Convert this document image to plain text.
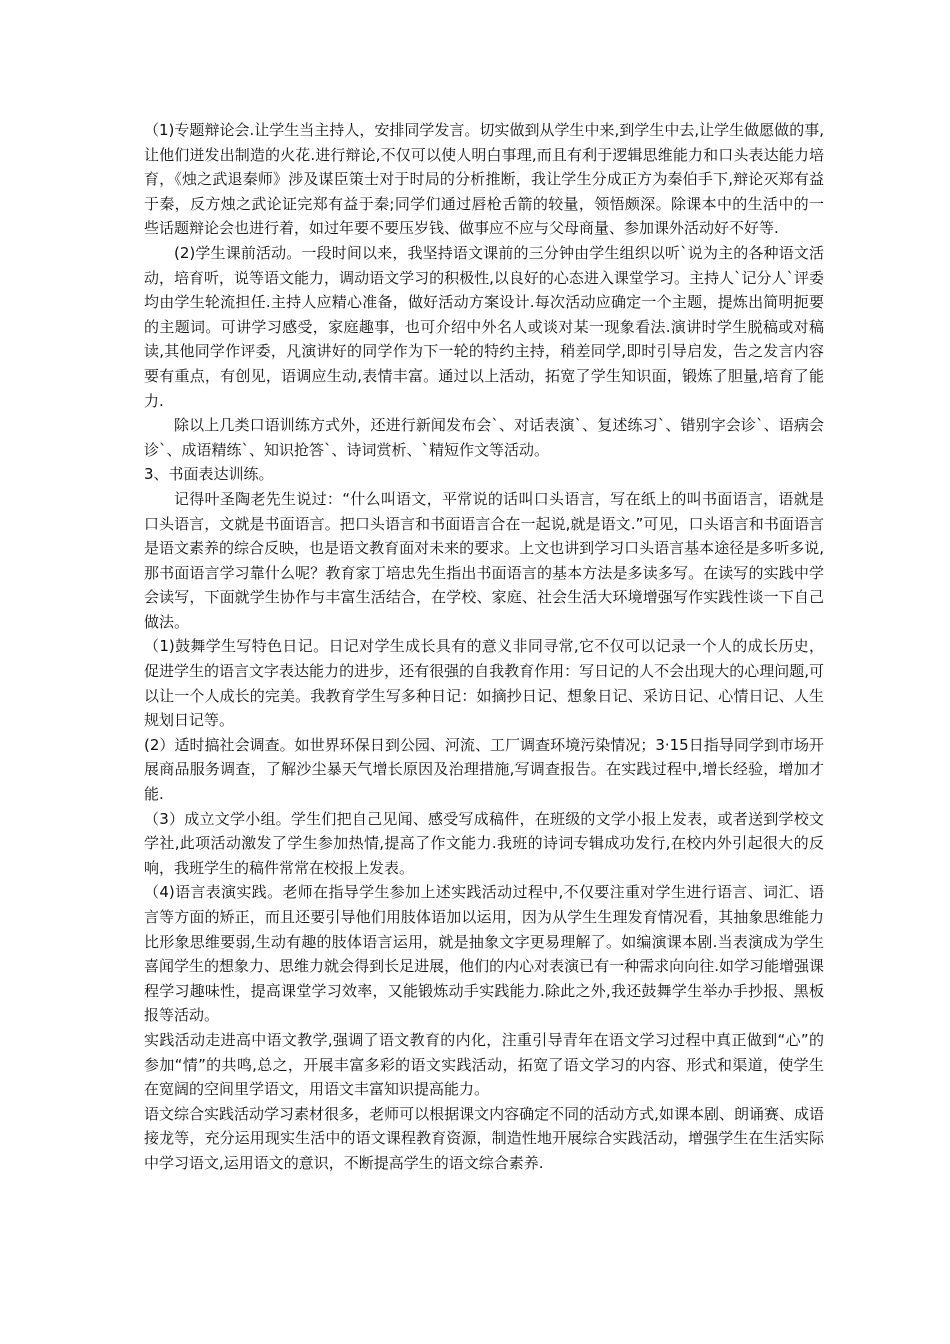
（1)专题辩论会.让学生当主持人，安排同学发言。切实做到从学生中来,到学生中去,让学生做愿做的事,让他们迸发出制造的火花.进行辩论,不仅可以使人明白事理,而且有利于逻辑思维能力和口头表达能力培育，《烛之武退秦师》涉及谋臣策士对于时局的分析推断，我让学生分成正方为秦伯手下,辩论灭郑有益于秦，反方烛之武论证完郑有益于秦;同学们通过唇枪舌箭的较量，领悟颇深。除课本中的生活中的一些话题辩论会也进行着，如过年要不要压岁钱、做事应不应与父母商量、参加课外活动好不好等.

(2)学生课前活动。一段时间以来，我坚持语文课前的三分钟由学生组织以听`说为主的各种语文活动，培育听，说等语文能力，调动语文学习的积极性,以良好的心态进入课堂学习。主持人`记分人`评委均由学生轮流担任.主持人应精心准备，做好活动方案设计.每次活动应确定一个主题，提炼出简明扼要的主题词。可讲学习感受，家庭趣事，也可介绍中外名人或谈对某一现象看法.演讲时学生脱稿或对稿读,其他同学作评委，凡演讲好的同学作为下一轮的特约主持，稍差同学,即时引导启发，告之发言内容要有重点，有创见，语调应生动,表情丰富。通过以上活动，拓宽了学生知识面，锻炼了胆量,培育了能力.

除以上几类口语训练方式外，还进行新闻发布会`、对话表演`、复述练习`、错别字会诊`、语病会诊`、成语精练`、知识抢答`、诗词赏析、`精短作文等活动。

3、书面表达训练。

记得叶圣陶老先生说过：“什么叫语文，平常说的话叫口头语言，写在纸上的叫书面语言，语就是口头语言，文就是书面语言。把口头语言和书面语言合在一起说,就是语文.”可见，口头语言和书面语言是语文素养的综合反映，也是语文教育面对未来的要求。上文也讲到学习口头语言基本途径是多听多说,那书面语言学习靠什么呢？教育家丁培忠先生指出书面语言的基本方法是多读多写。在读写的实践中学会读写，下面就学生协作与丰富生活结合，在学校、家庭、社会生活大环境增强写作实践性谈一下自己做法。

（1)鼓舞学生写特色日记。日记对学生成长具有的意义非同寻常,它不仅可以记录一个人的成长历史，促进学生的语言文字表达能力的进步，还有很强的自我教育作用：写日记的人不会出现大的心理问题,可以让一个人成长的完美。我教育学生写多种日记：如摘抄日记、想象日记、采访日记、心情日记、人生规划日记等。

(2）适时搞社会调查。如世界环保日到公园、河流、工厂调查环境污染情况；3·15日指导同学到市场开展商品服务调查，了解沙尘暴天气增长原因及治理措施,写调查报告。在实践过程中,增长经验，增加才能.

（3）成立文学小组。学生们把自己见闻、感受写成稿件，在班级的文学小报上发表，或者送到学校文学社,此项活动激发了学生参加热情,提高了作文能力.我班的诗词专辑成功发行,在校内外引起很大的反响，我班学生的稿件常常在校报上发表。

（4)语言表演实践。老师在指导学生参加上述实践活动过程中,不仅要注重对学生进行语言、词汇、语言等方面的矫正，而且还要引导他们用肢体语加以运用，因为从学生生理发育情况看，其抽象思维能力比形象思维要弱,生动有趣的肢体语言运用，就是抽象文字更易理解了。如编演课本剧.当表演成为学生喜闻学生的想象力、思维力就会得到长足进展，他们的内心对表演已有一种需求向向往.如学习能增强课程学习趣味性，提高课堂学习效率，又能锻炼动手实践能力.除此之外,我还鼓舞学生举办手抄报、黑板报等活动。

实践活动走进高中语文教学,强调了语文教育的内化，注重引导青年在语文学习过程中真正做到“心”的参加“情”的共鸣,总之，开展丰富多彩的语文实践活动，拓宽了语文学习的内容、形式和渠道，使学生在宽阔的空间里学语文，用语文丰富知识提高能力。

语文综合实践活动学习素材很多，老师可以根据课文内容确定不同的活动方式,如课本剧、朗诵赛、成语接龙等，充分运用现实生活中的语文课程教育资源，制造性地开展综合实践活动，增强学生在生活实际中学习语文,运用语文的意识，不断提高学生的语文综合素养.
